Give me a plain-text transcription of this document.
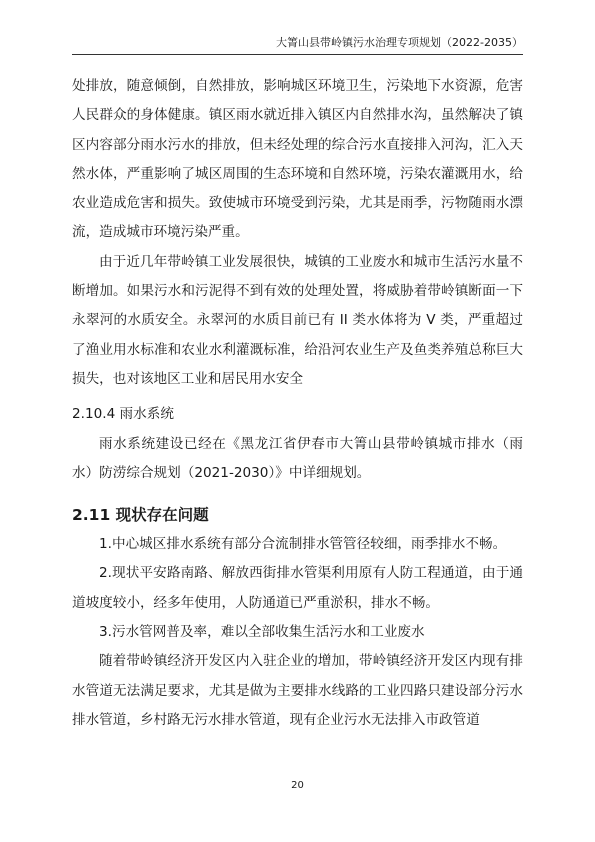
大箐山县带岭镇污水治理专项规划（2022-2035）

处排放，随意倾倒，自然排放，影响城区环境卫生，污染地下水资源，危害人民群众的身体健康。镇区雨水就近排入镇区内自然排水沟，虽然解决了镇区内容部分雨水污水的排放，但未经处理的综合污水直接排入河沟，汇入天然水体，严重影响了城区周围的生态环境和自然环境，污染农灌溉用水，给农业造成危害和损失。致使城市环境受到污染，尤其是雨季，污物随雨水漂流，造成城市环境污染严重。

由于近几年带岭镇工业发展很快，城镇的工业废水和城市生活污水量不断增加。如果污水和污泥得不到有效的处理处置，将威胁着带岭镇断面一下永翠河的水质安全。永翠河的水质目前已有 II 类水体将为 V 类，严重超过了渔业用水标准和农业水利灌溉标准，给沿河农业生产及鱼类养殖总称巨大损失，也对该地区工业和居民用水安全

2.10.4 雨水系统

雨水系统建设已经在《黑龙江省伊春市大箐山县带岭镇城市排水（雨水）防涝综合规划（2021-2030）》中详细规划。

2.11 现状存在问题

1.中心城区排水系统有部分合流制排水管管径较细，雨季排水不畅。

2.现状平安路南路、解放西街排水管渠利用原有人防工程通道，由于通道坡度较小，经多年使用，人防通道已严重淤积，排水不畅。

3.污水管网普及率，难以全部收集生活污水和工业废水

随着带岭镇经济开发区内入驻企业的增加，带岭镇经济开发区内现有排水管道无法满足要求，尤其是做为主要排水线路的工业四路只建设部分污水排水管道，乡村路无污水排水管道，现有企业污水无法排入市政管道

20
